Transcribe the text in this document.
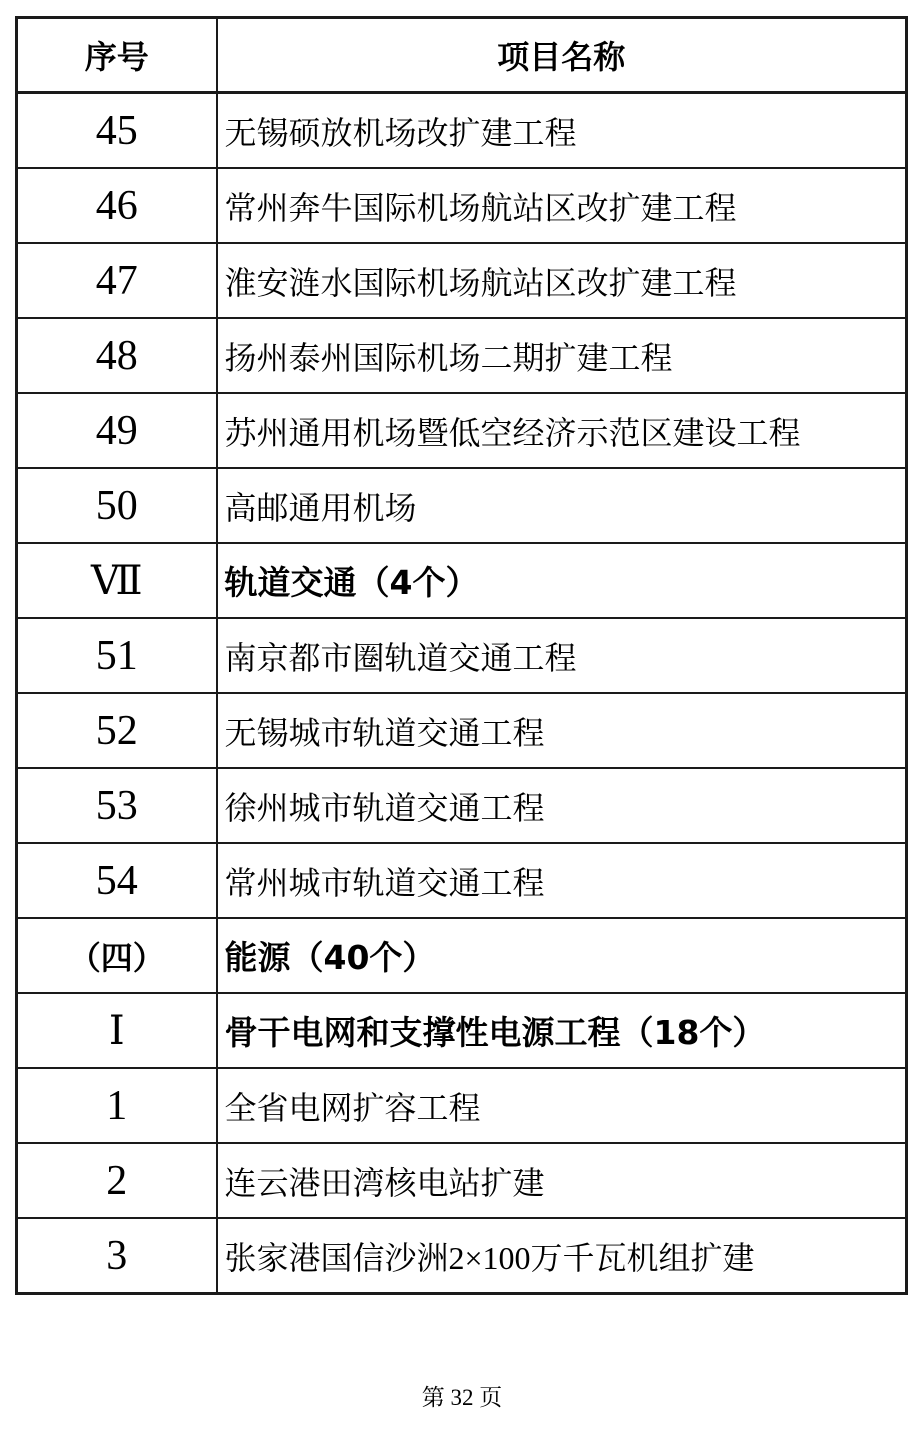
序号	项目名称
45	无锡硕放机场改扩建工程
46	常州奔牛国际机场航站区改扩建工程
47	淮安涟水国际机场航站区改扩建工程
48	扬州泰州国际机场二期扩建工程
49	苏州通用机场暨低空经济示范区建设工程
50	高邮通用机场
Ⅶ	轨道交通（4个）
51	南京都市圈轨道交通工程
52	无锡城市轨道交通工程
53	徐州城市轨道交通工程
54	常州城市轨道交通工程
（四）	能源（40个）
Ⅰ	骨干电网和支撑性电源工程（18个）
1	全省电网扩容工程
2	连云港田湾核电站扩建
3	张家港国信沙洲2×100万千瓦机组扩建
第 32 页
